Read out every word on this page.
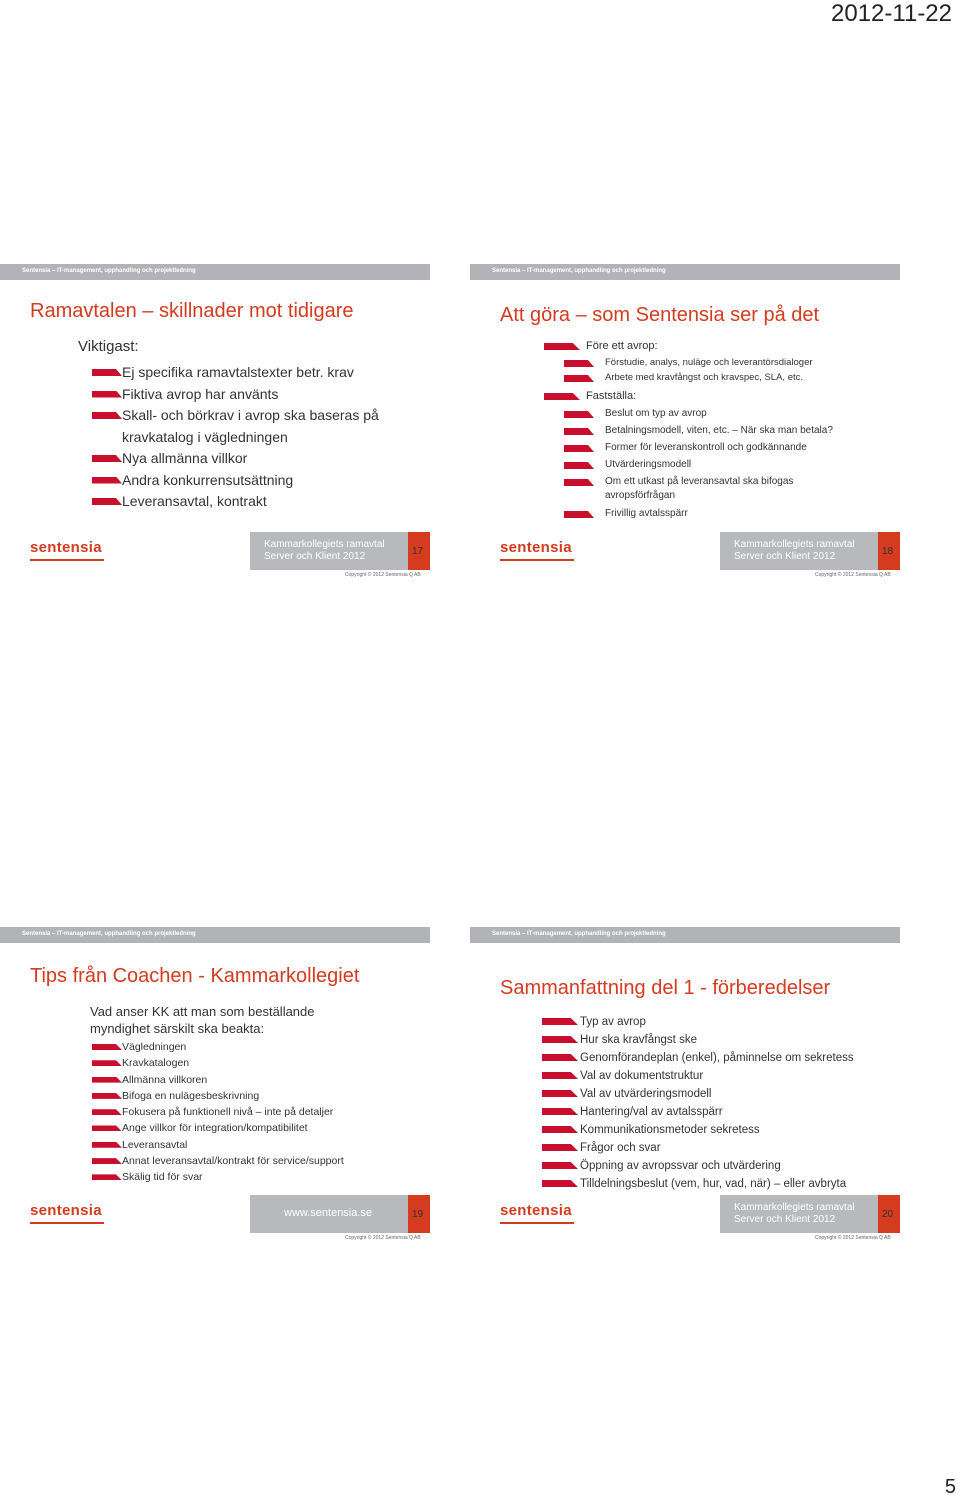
2012-11-22
Sentensia – IT-management, upphandling och projektledning
Ramavtalen – skillnader mot tidigare
Viktigast:
Ej specifika ramavtalstexter betr. krav
Fiktiva avrop har använts
Skall- och börkrav i avrop ska baseras på
kravkatalog i vägledningen
Nya allmänna villkor
Andra konkurrensutsättning
Leveransavtal, kontrakt
sentensia	Kammarkollegiets ramavtal
Server och Klient 2012	17
Copyright © 2012 Sentensia Q AB
Sentensia – IT-management, upphandling och projektledning
Att göra – som Sentensia ser på det
Före ett avrop:
Förstudie, analys, nuläge och leverantörsdialoger
Arbete med kravfångst och kravspec, SLA, etc.
Fastställa:
Beslut om typ av avrop
Betalningsmodell, viten, etc. – När ska man betala?
Former för leveranskontroll och godkännande
Utvärderingsmodell
Om ett utkast på leveransavtal ska bifogas
avropsförfrågan
Frivillig avtalsspärr
sentensia	Kammarkollegiets ramavtal
Server och Klient 2012	18
Copyright © 2012 Sentensia Q AB
Sentensia – IT-management, upphandling och projektledning
Tips från Coachen - Kammarkollegiet
Vad anser KK att man som beställande
myndighet särskilt ska beakta:
Vägledningen
Kravkatalogen
Allmänna villkoren
Bifoga en nulägesbeskrivning
Fokusera på funktionell nivå – inte på detaljer
Ange villkor för integration/kompatibilitet
Leveransavtal
Annat leveransavtal/kontrakt för service/support
Skälig tid för svar
sentensia	www.sentensia.se	19
Copyright © 2012 Sentensia Q AB
Sentensia – IT-management, upphandling och projektledning
Sammanfattning del 1 - förberedelser
Typ av avrop
Hur ska kravfångst ske
Genomförandeplan (enkel), påminnelse om sekretess
Val av dokumentstruktur
Val av utvärderingsmodell
Hantering/val av avtalsspärr
Kommunikationsmetoder sekretess
Frågor och svar
Öppning av avropssvar och utvärdering
Tilldelningsbeslut (vem, hur, vad, när) – eller avbryta
sentensia	Kammarkollegiets ramavtal
Server och Klient 2012	20
Copyright © 2012 Sentensia Q AB
5
